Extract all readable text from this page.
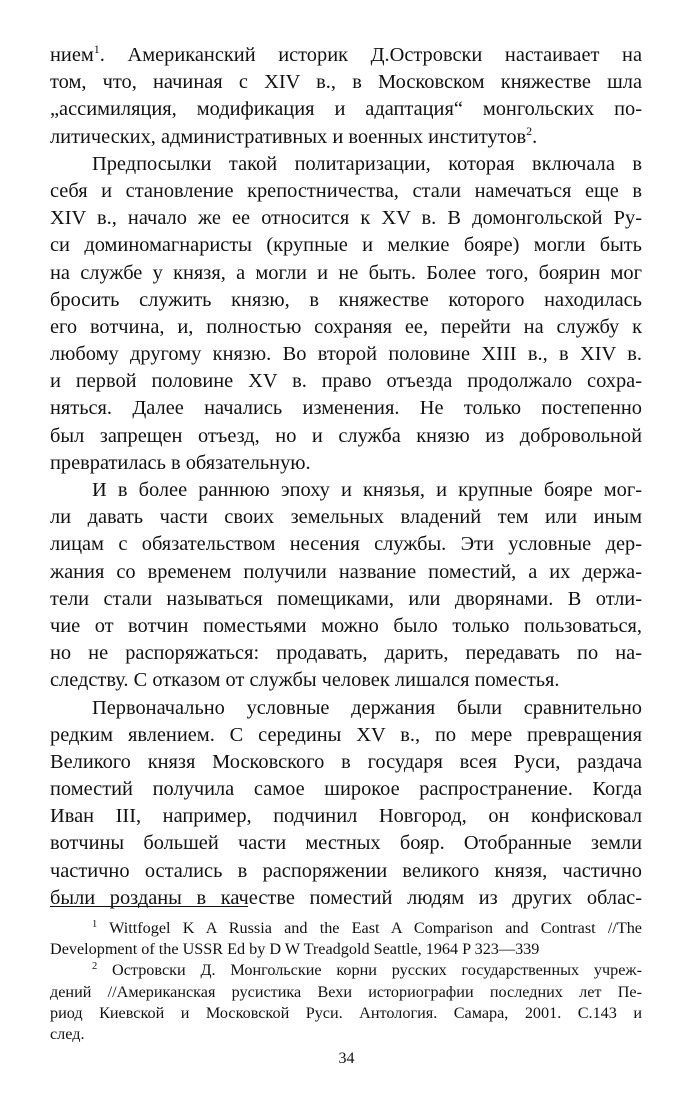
нием$^1$. Американский историк Д.Островски настаивает на
том, что, начиная с XIV в., в Московском княжестве шла
„ассимиляция, модификация и адаптация“ монгольских по-
литических, административных и военных институтов$^2$.
Предпосылки такой политаризации, которая включала в
себя и становление крепостничества, стали намечаться еще в
XIV в., начало же ее относится к XV в. В домонгольской Ру-
си доминомагнаристы (крупные и мелкие бояре) могли быть
на службе у князя, а могли и не быть. Более того, боярин мог
бросить служить князю, в княжестве которого находилась
его вотчина, и, полностью сохраняя ее, перейти на службу к
любому другому князю. Во второй половине XIII в., в XIV в.
и первой половине XV в. право отъезда продолжало сохра-
няться. Далее начались изменения. Не только постепенно
был запрещен отъезд, но и служба князю из добровольной
превратилась в обязательную.
И в более раннюю эпоху и князья, и крупные бояре мог-
ли давать части своих земельных владений тем или иным
лицам с обязательством несения службы. Эти условные дер-
жания со временем получили название поместий, а их держа-
тели стали называться помещиками, или дворянами. В отли-
чие от вотчин поместьями можно было только пользоваться,
но не распоряжаться: продавать, дарить, передавать по на-
следству. С отказом от службы человек лишался поместья.
Первоначально условные держания были сравнительно
редким явлением. С середины XV в., по мере превращения
Великого князя Московского в государя всея Руси, раздача
поместий получила самое широкое распространение. Когда
Иван III, например, подчинил Новгород, он конфисковал
вотчины большей части местных бояр. Отобранные земли
частично остались в распоряжении великого князя, частично
были розданы в качестве поместий людям из других облас-
$^1$ Wittfogel K A Russia and the East A Comparison and Contrast //The
Development of the USSR Ed by D W Treadgold Seattle, 1964 P 323—339
$^2$ Островски Д. Монгольские корни русских государственных учреж-
дений //Американская русистика Вехи историографии последних лет Пе-
риод Киевской и Московской Руси. Антология. Самара, 2001. С.143 и
след.
34
